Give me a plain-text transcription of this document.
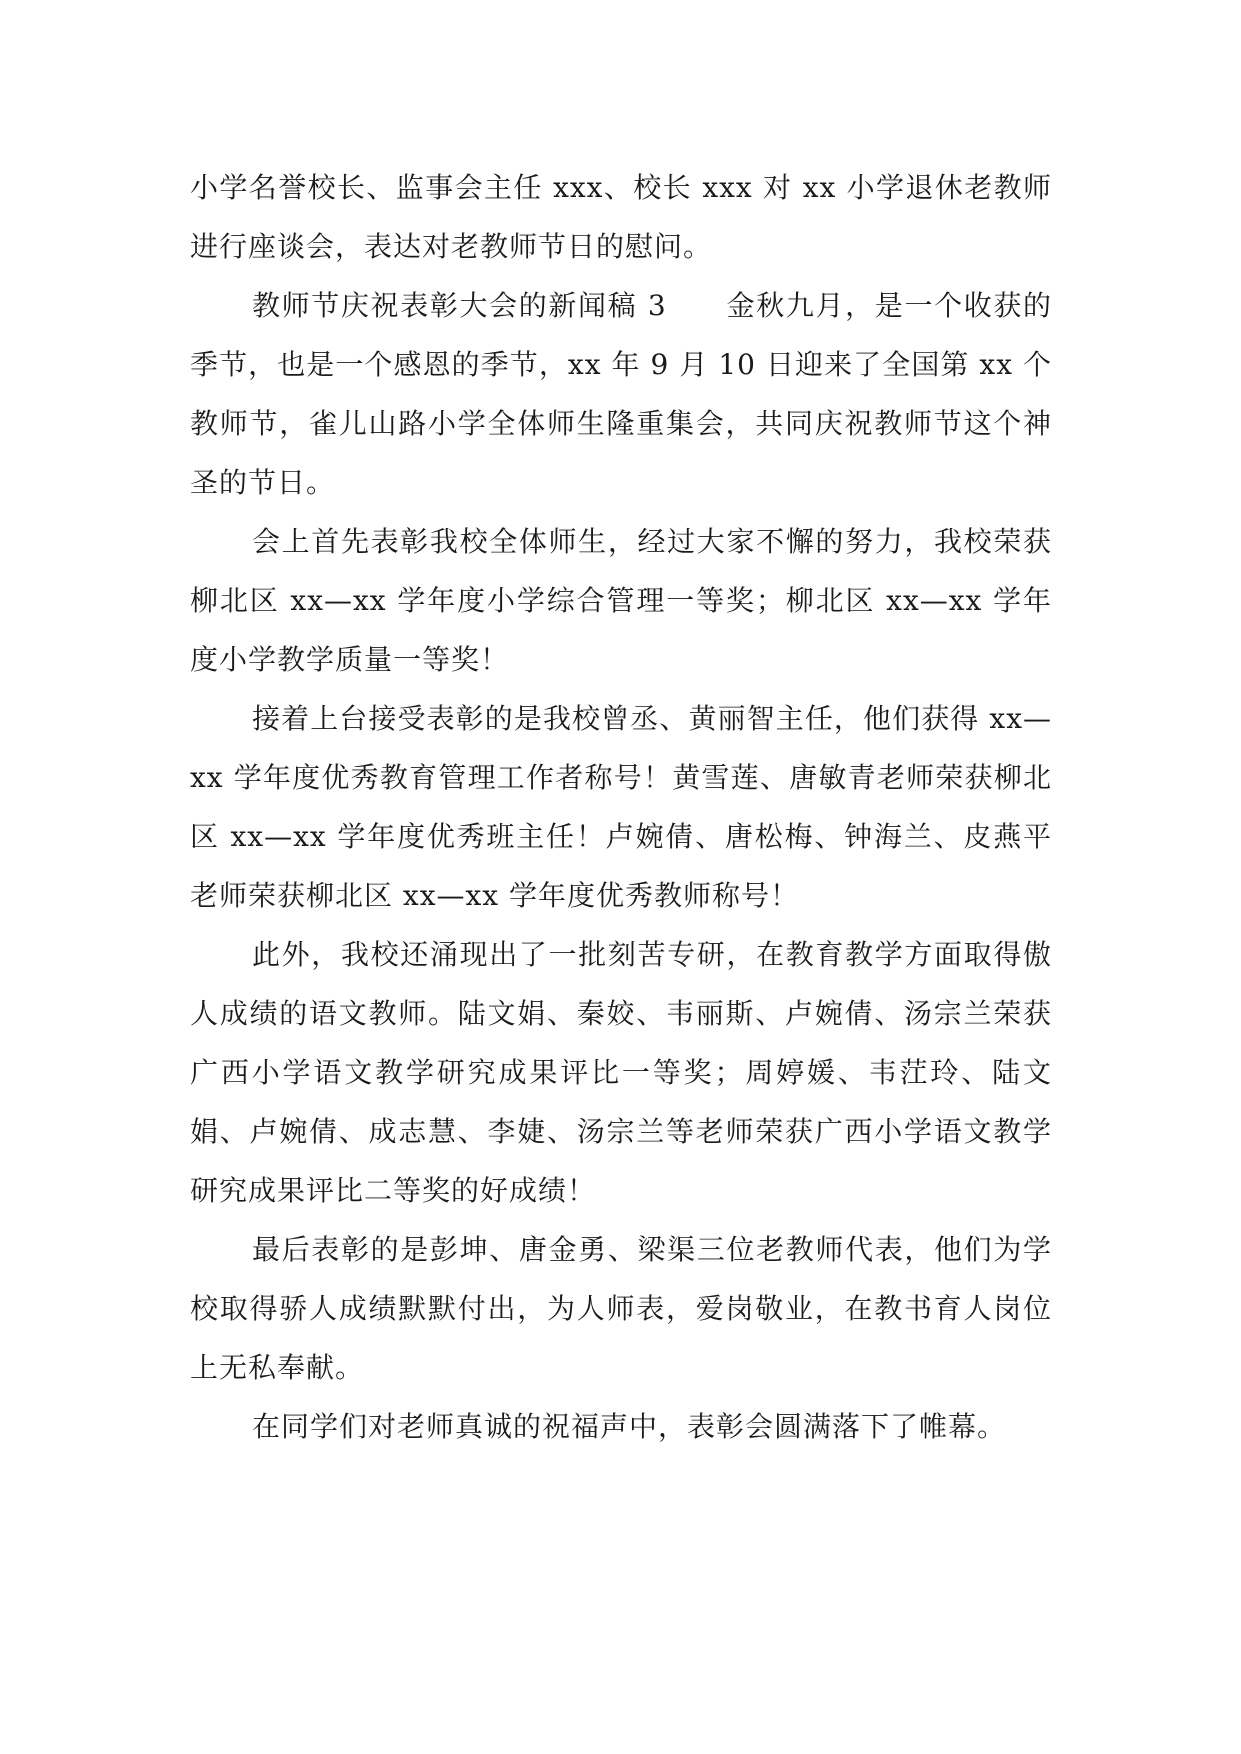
小学名誉校长、监事会主任 xxx、校长 xxx 对 xx 小学退休老教师进行座谈会，表达对老教师节日的慰问。

教师节庆祝表彰大会的新闻稿 3　　金秋九月，是一个收获的季节，也是一个感恩的季节，xx 年 9 月 10 日迎来了全国第 xx 个教师节，雀儿山路小学全体师生隆重集会，共同庆祝教师节这个神圣的节日。

会上首先表彰我校全体师生，经过大家不懈的努力，我校荣获柳北区 xx—xx 学年度小学综合管理一等奖；柳北区 xx—xx 学年度小学教学质量一等奖！

接着上台接受表彰的是我校曾丞、黄丽智主任，他们获得 xx—xx 学年度优秀教育管理工作者称号！黄雪莲、唐敏青老师荣获柳北区 xx—xx 学年度优秀班主任！卢婉倩、唐松梅、钟海兰、皮燕平老师荣获柳北区 xx—xx 学年度优秀教师称号！

此外，我校还涌现出了一批刻苦专研，在教育教学方面取得傲人成绩的语文教师。陆文娟、秦姣、韦丽斯、卢婉倩、汤宗兰荣获广西小学语文教学研究成果评比一等奖；周婷媛、韦茳玲、陆文娟、卢婉倩、成志慧、李婕、汤宗兰等老师荣获广西小学语文教学研究成果评比二等奖的好成绩！

最后表彰的是彭坤、唐金勇、梁渠三位老教师代表，他们为学校取得骄人成绩默默付出，为人师表，爱岗敬业，在教书育人岗位上无私奉献。

在同学们对老师真诚的祝福声中，表彰会圆满落下了帷幕。
